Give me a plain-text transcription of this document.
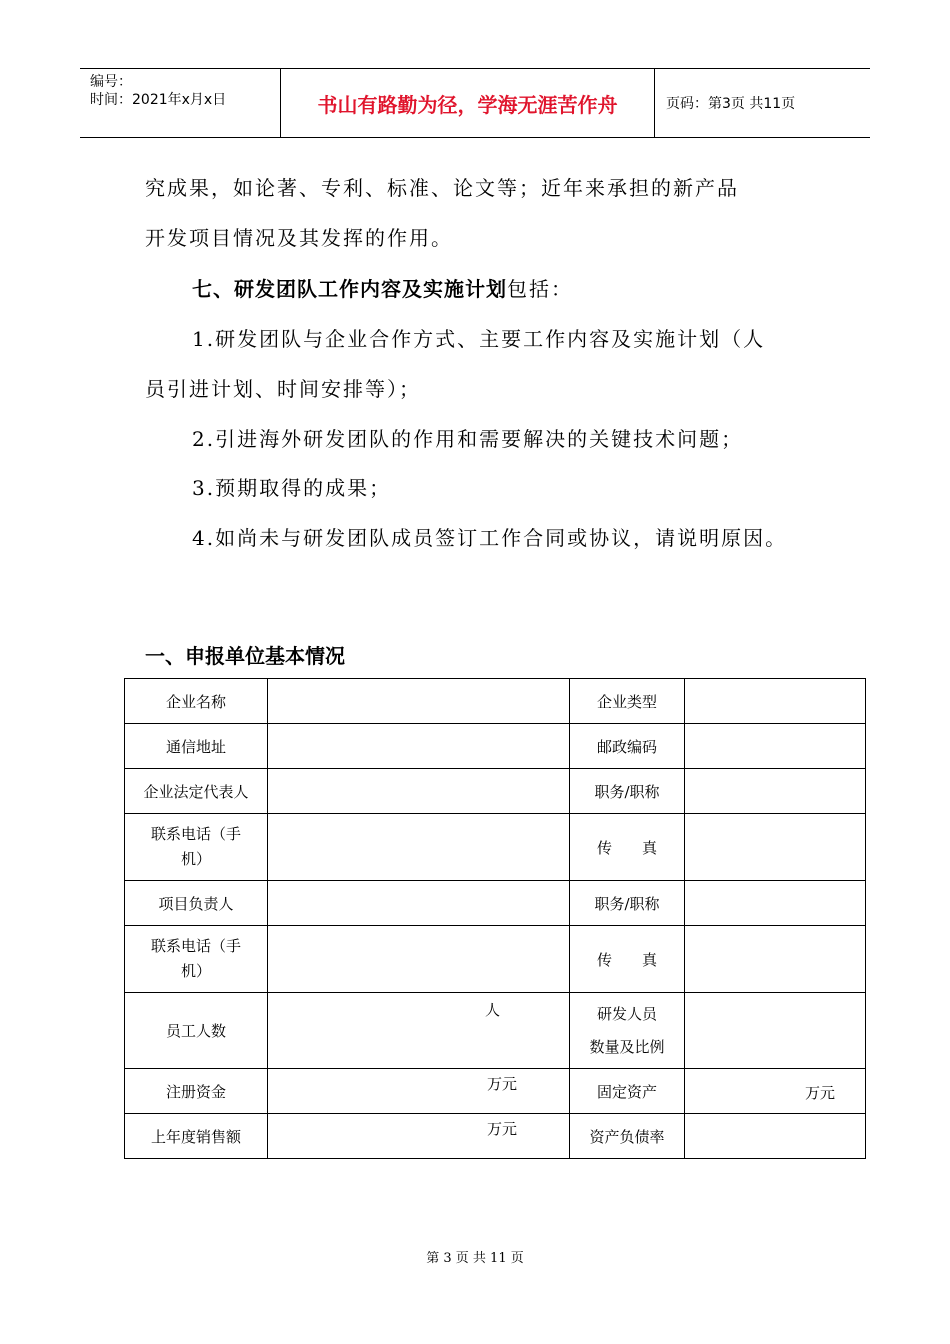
编号：
时间：2021年x月x日	书山有路勤为径，学海无涯苦作舟	页码：第3页 共11页
究成果，如论著、专利、标准、论文等；近年来承担的新产品
开发项目情况及其发挥的作用。
七、研发团队工作内容及实施计划包括：
1.研发团队与企业合作方式、主要工作内容及实施计划（人
员引进计划、时间安排等）；
2.引进海外研发团队的作用和需要解决的关键技术问题；
3.预期取得的成果；
4.如尚未与研发团队成员签订工作合同或协议，请说明原因。
一、申报单位基本情况
企业名称		企业类型	
通信地址		邮政编码	
企业法定代表人		职务/职称	

联系电话（手
机）		传　　真	
项目负责人		职务/职称	

联系电话（手
机）		传　　真	
员工人数	人	研发人员
数量及比例	

注册资金	万元	固定资产	万元

上年度销售额	万元	资产负债率	
第 3 页 共 11 页
